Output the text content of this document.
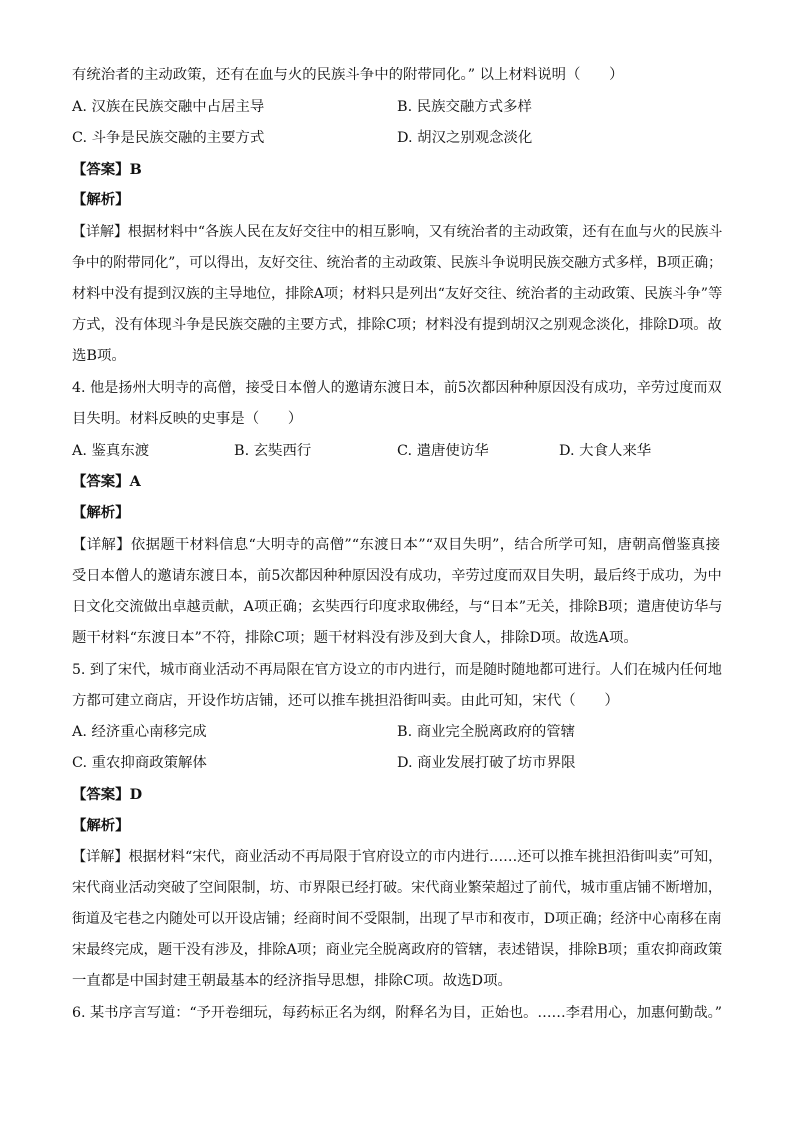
有统治者的主动政策，还有在血与火的民族斗争中的附带同化。” 以上材料说明（　　）
A. 汉族在民族交融中占居主导	B. 民族交融方式多样
C. 斗争是民族交融的主要方式	D. 胡汉之别观念淡化
【答案】B
【解析】
【详解】根据材料中“各族人民在友好交往中的相互影响，又有统治者的主动政策，还有在血与火的民族斗
争中的附带同化”，可以得出，友好交往、统治者的主动政策、民族斗争说明民族交融方式多样，B项正确；
材料中没有提到汉族的主导地位，排除A项；材料只是列出“友好交往、统治者的主动政策、民族斗争”等
方式，没有体现斗争是民族交融的主要方式，排除C项；材料没有提到胡汉之别观念淡化，排除D项。故
选B项。
4. 他是扬州大明寺的高僧，接受日本僧人的邀请东渡日本，前5次都因种种原因没有成功，辛劳过度而双
目失明。材料反映的史事是（　　）
A. 鉴真东渡	B. 玄奘西行	C. 遣唐使访华	D. 大食人来华
【答案】A
【解析】
【详解】依据题干材料信息“大明寺的高僧”“东渡日本”“双目失明”，结合所学可知，唐朝高僧鉴真接
受日本僧人的邀请东渡日本，前5次都因种种原因没有成功，辛劳过度而双目失明，最后终于成功，为中
日文化交流做出卓越贡献，A项正确；玄奘西行印度求取佛经，与“日本”无关，排除B项；遣唐使访华与
题干材料“东渡日本”不符，排除C项；题干材料没有涉及到大食人，排除D项。故选A项。
5. 到了宋代，城市商业活动不再局限在官方设立的市内进行，而是随时随地都可进行。人们在城内任何地
方都可建立商店，开设作坊店铺，还可以推车挑担沿街叫卖。由此可知，宋代（　　）
A. 经济重心南移完成	B. 商业完全脱离政府的管辖
C. 重农抑商政策解体	D. 商业发展打破了坊市界限
【答案】D
【解析】
【详解】根据材料“宋代，商业活动不再局限于官府设立的市内进行……还可以推车挑担沿街叫卖”可知，
宋代商业活动突破了空间限制，坊、市界限已经打破。宋代商业繁荣超过了前代，城市重店铺不断增加，
街道及宅巷之内随处可以开设店铺；经商时间不受限制，出现了早市和夜市，D项正确；经济中心南移在南
宋最终完成，题干没有涉及，排除A项；商业完全脱离政府的管辖，表述错误，排除B项；重农抑商政策
一直都是中国封建王朝最基本的经济指导思想，排除C项。故选D项。
6. 某书序言写道：“予开卷细玩，每药标正名为纲，附释名为目，正始也。……李君用心，加惠何勤哉。”
